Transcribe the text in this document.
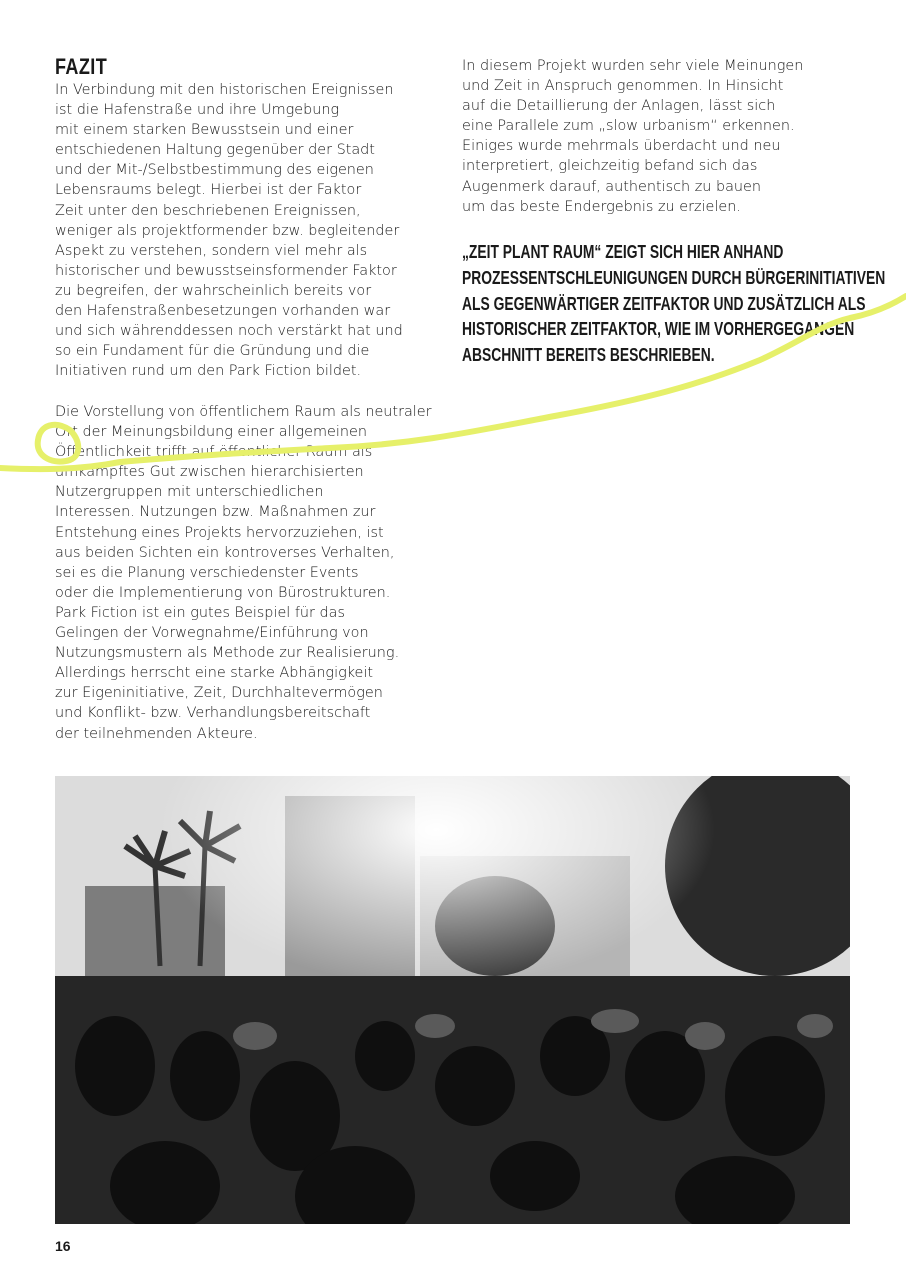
FAZIT
In Verbindung mit den historischen Ereignissen
ist die Hafenstraße und ihre Umgebung
mit einem starken Bewusstsein und einer
entschiedenen Haltung gegenüber der Stadt
und der Mit-/Selbstbestimmung des eigenen
Lebensraums belegt. Hierbei ist der Faktor
Zeit unter den beschriebenen Ereignissen,
weniger als projektformender bzw. begleitender
Aspekt zu verstehen, sondern viel mehr als
historischer und bewusstseinsformender Faktor
zu begreifen, der wahrscheinlich bereits vor
den Hafenstraßenbesetzungen vorhanden war
und sich währenddessen noch verstärkt hat und
so ein Fundament für die Gründung und die
Initiativen rund um den Park Fiction bildet.
Die Vorstellung von öffentlichem Raum als neutraler
Ort der Meinungsbildung einer allgemeinen
Öffentlichkeit trifft auf öffentlicher Raum als
umkämpftes Gut zwischen hierarchisierten
Nutzergruppen mit unterschiedlichen
Interessen. Nutzungen bzw. Maßnahmen zur
Entstehung eines Projekts hervorzuziehen, ist
aus beiden Sichten ein kontroverses Verhalten,
sei es die Planung verschiedenster Events
oder die Implementierung von Bürostrukturen.
Park Fiction ist ein gutes Beispiel für das
Gelingen der Vorwegnahme/Einführung von
Nutzungsmustern als Methode zur Realisierung.
Allerdings herrscht eine starke Abhängigkeit
zur Eigeninitiative, Zeit, Durchhaltevermögen
und Konflikt- bzw. Verhandlungsbereitschaft
der teilnehmenden Akteure.
In diesem Projekt wurden sehr viele Meinungen
und Zeit in Anspruch genommen. In Hinsicht
auf die Detaillierung der Anlagen, lässt sich
eine Parallele zum „slow urbanism“ erkennen.
Einiges wurde mehrmals überdacht und neu
interpretiert, gleichzeitig befand sich das
Augenmerk darauf, authentisch zu bauen
um das beste Endergebnis zu erzielen.
„ZEIT PLANT RAUM“ ZEIGT SICH HIER ANHAND
PROZESSENTSCHLEUNIGUNGEN DURCH BÜRGERINITIATIVEN
ALS GEGENWÄRTIGER ZEITFAKTOR UND ZUSÄTZLICH ALS
HISTORISCHER ZEITFAKTOR, WIE IM VORHERGEGANGEN
ABSCHNITT BEREITS BESCHRIEBEN.
16
